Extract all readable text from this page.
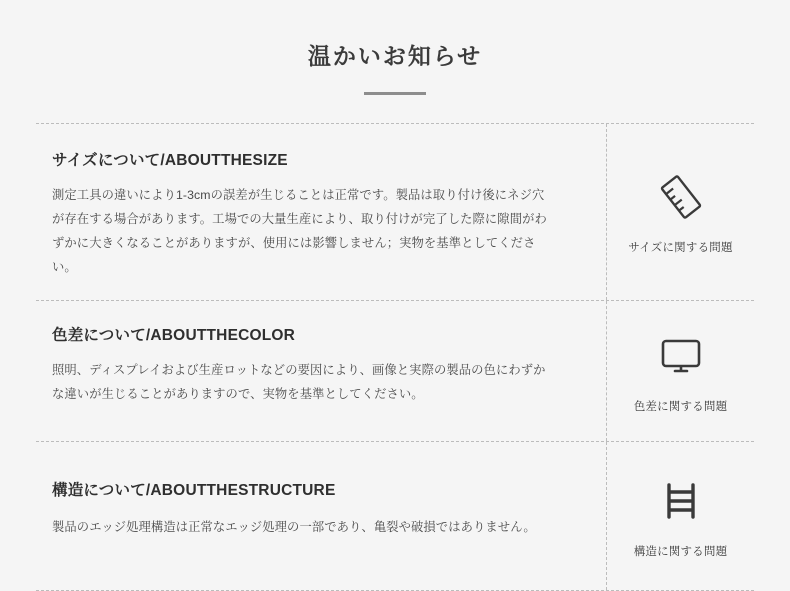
温かいお知らせ
サイズについて/ABOUTTHESIZE
測定工具の違いにより1-3cmの誤差が生じることは正常です。製品は取り付け後にネジ穴が存在する場合があります。工場での大量生産により、取り付けが完了した際に隙間がわずかに大きくなることがありますが、使用には影響しません；実物を基準としてください。
サイズに関する問題
色差について/ABOUTTHECOLOR
照明、ディスプレイおよび生産ロットなどの要因により、画像と実際の製品の色にわずかな違いが生じることがありますので、実物を基準としてください。
色差に関する問題
構造について/ABOUTTHESTRUCTURE
製品のエッジ処理構造は正常なエッジ処理の一部であり、亀裂や破損ではありません。
構造に関する問題
